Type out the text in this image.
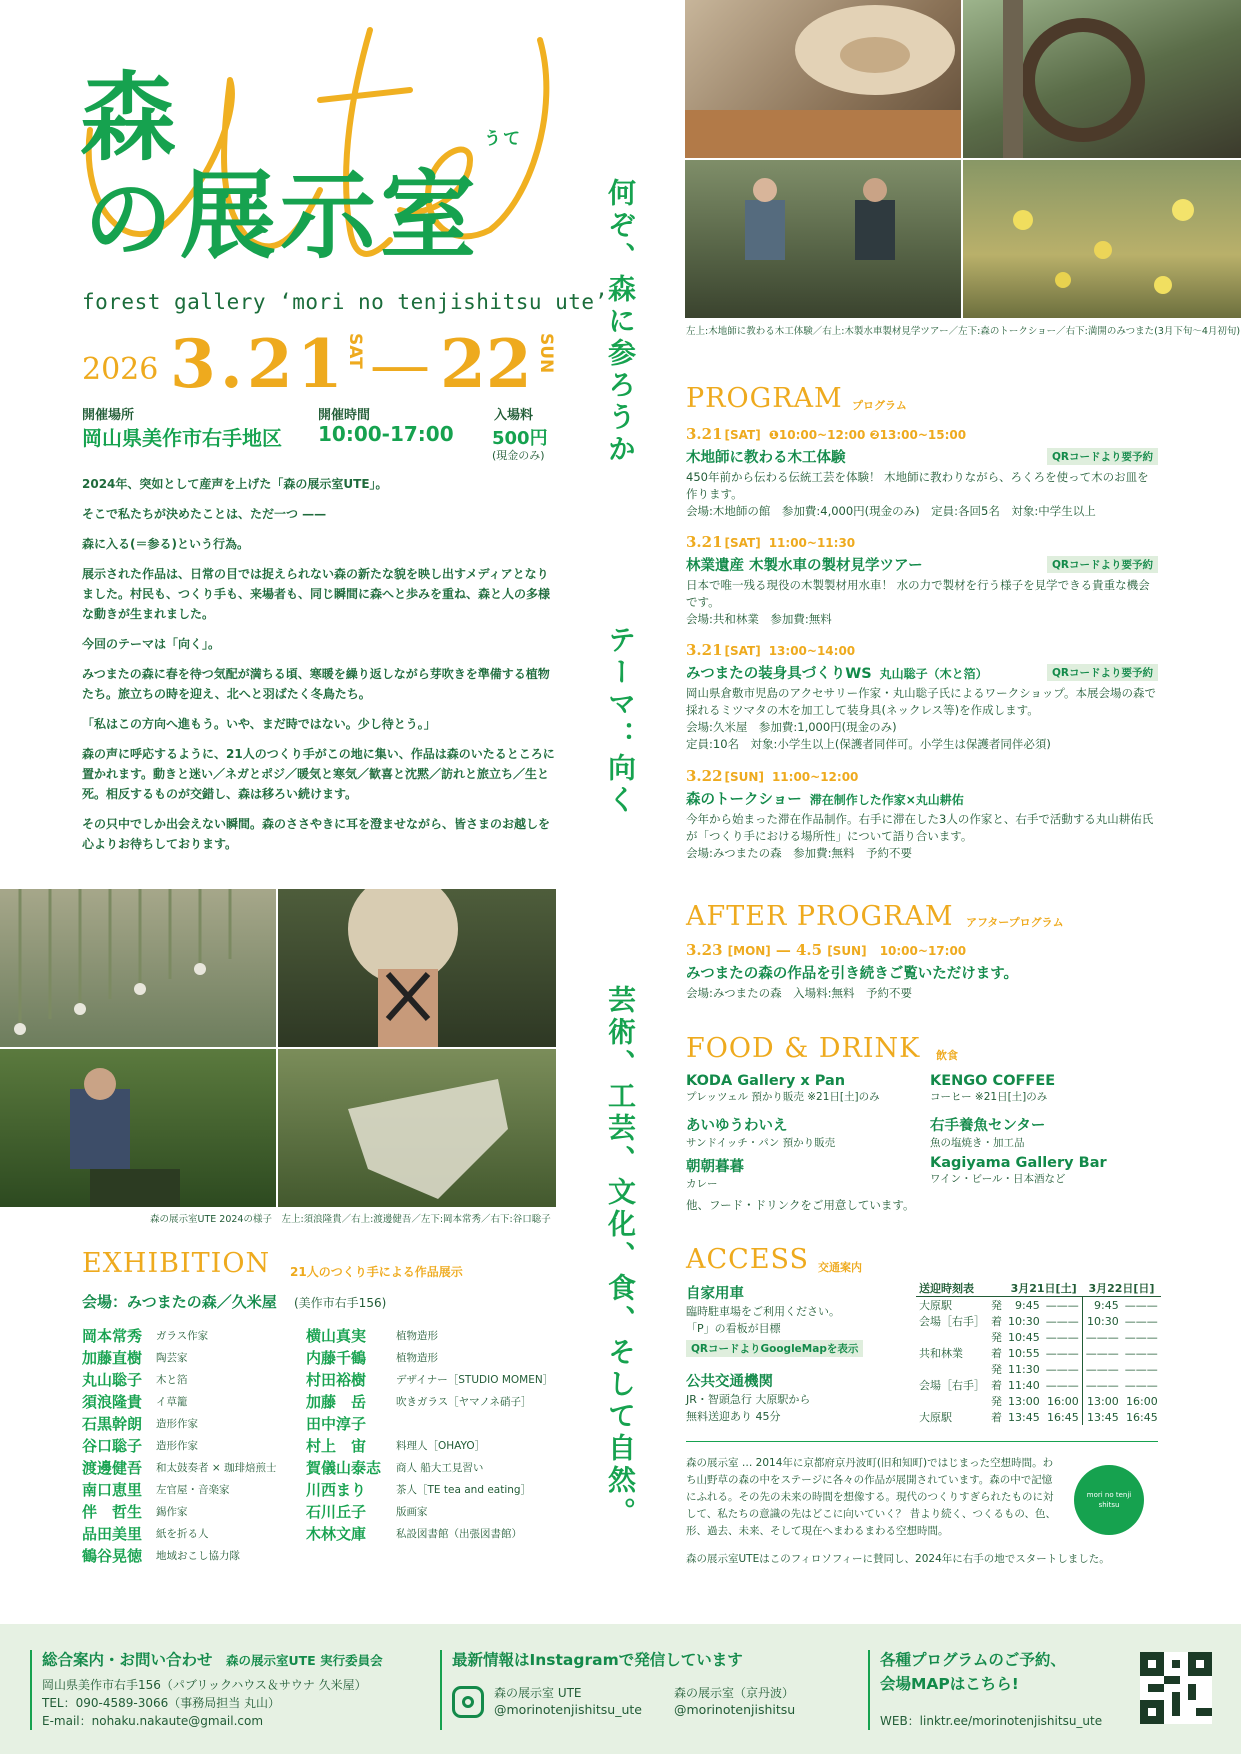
森
の 展示室
うて
forest gallery ‘mori no tenjishitsu ute’
2026 3.21
SAT — 22 SUN
開催場所
岡山県美作市右手地区
開催時間
10:00-17:00
入場料
500円
(現金のみ)

2024年、突如として産声を上げた「森の展示室UTE」。

そこで私たちが決めたことは、ただ一つ ——

森に入る(＝参る)という行為。

展示された作品は、日常の目では捉えられない森の新たな貌を映し出すメディアとなりました。村民も、つくり手も、来場者も、同じ瞬間に森へと歩みを重ね、森と人の多様な動きが生まれました。

今回のテーマは「向く」。

みつまたの森に春を待つ気配が満ちる頃、寒暖を繰り返しながら芽吹きを準備する植物たち。旅立ちの時を迎え、北へと羽ばたく冬鳥たち。

「私はこの方向へ進もう。いや、まだ時ではない。少し待とう。」

森の声に呼応するように、21人のつくり手がこの地に集い、作品は森のいたるところに置かれます。動きと迷い／ネガとポジ／暖気と寒気／歓喜と沈黙／訪れと旅立ち／生と死。相反するものが交錯し、森は移ろい続けます。

その只中でしか出会えない瞬間。森のささやきに耳を澄ませながら、皆さまのお越しを心よりお待ちしております。

何ぞ、森に参ろうか
テーマ：向く
芸術、工芸、文化、食、そして自然。
左上:木地師に教わる木工体験／右上:木製水車製材見学ツアー／左下:森のトークショー／右下:満開のみつまた(3月下旬〜4月初旬)
森の展示室UTE 2024の様子　左上:須浪隆貴／右上:渡邊健吾／左下:岡本常秀／右下:谷口聡子
EXHIBITION 21人のつくり手による作品展示
会場：みつまたの森／久米屋 (美作市右手156)
岡本常秀 ガラス作家
加藤直樹 陶芸家
丸山聡子 木と箔
須浪隆貴 イ草籠
石黒幹朗 造形作家
谷口聡子 造形作家
渡邊健吾 和太鼓奏者 × 珈琲焙煎士
南口恵里 左官屋・音楽家
伴　哲生 錫作家
品田美里 紙を折る人
鶴谷晃徳 地域おこし協力隊
横山真実	植物造形
内藤千鶴	植物造形
村田裕樹	デザイナー［STUDIO MOMEN］
加藤　岳	吹きガラス［ヤマノネ硝子］
田中淳子
村上　宙	料理人［OHAYO］
賀儀山泰志 商人 船大工見習い
川西まり	茶人［TE tea and eating］
石川丘子	版画家
木林文庫	私設図書館（出張図書館）
PROGRAM プログラム
3.21 [SAT] ❶10:00~12:00 ❷13:00~15:00
木地師に教わる木工体験	QRコードより要予約
450年前から伝わる伝統工芸を体験！ 木地師に教わりながら、ろくろを使って木のお皿を作ります。
会場:木地師の館　参加費:4,000円(現金のみ)　定員:各回5名　対象:中学生以上
3.21 [SAT] 11:00~11:30
林業遺産 木製水車の製材見学ツアー	QRコードより要予約
日本で唯一残る現役の木製製材用水車！ 水の力で製材を行う様子を見学できる貴重な機会です。
会場:共和林業　参加費:無料
3.21 [SAT] 13:00~14:00
みつまたの装身具づくりWS 丸山聡子（木と箔）	QRコードより要予約
岡山県倉敷市児島のアクセサリー作家・丸山聡子氏によるワークショップ。本展会場の森で採れるミツマタの木を加工して装身具(ネックレス等)を作成します。
会場:久米屋　参加費:1,000円(現金のみ)
定員:10名　対象:小学生以上(保護者同伴可。小学生は保護者同伴必須)
3.22 [SUN] 11:00~12:00
森のトークショー 滞在制作した作家×丸山耕佑
今年から始まった滞在作品制作。右手に滞在した3人の作家と、右手で活動する丸山耕佑氏が「つくり手における場所性」について語り合います。
会場:みつまたの森　参加費:無料　予約不要
AFTER PROGRAM アフタープログラム
3.23 [MON] — 4.5 [SUN] 10:00~17:00
みつまたの森の作品を引き続きご覧いただけます。
会場:みつまたの森　入場料:無料　予約不要
FOOD & DRINK 飲食
KODA Gallery x Pan
プレッツェル 預かり販売 ※21日[土]のみ
KENGO COFFEE
コーヒー ※21日[土]のみ
あいゆうわいえ
サンドイッチ・パン 預かり販売
右手養魚センター
魚の塩焼き・加工品
朝朝暮暮
カレー
Kagiyama Gallery Bar
ワイン・ビール・日本酒など
他、フード・ドリンクをご用意しています。
ACCESS 交通案内
自家用車
臨時駐車場をご利用ください。
「P」の看板が目標
QRコードよりGoogleMapを表示
公共交通機関
JR・智頭急行 大原駅から
無料送迎あり 45分
送迎時刻表		3月21日[土]		3月22日[日]	
大原駅	発	9:45	———	9:45	———
会場［右手］	着	10:30	———	10:30	———
	発	10:45	———	———	———
共和林業	着	10:55	———	———	———
	発	11:30	———	———	———
会場［右手］	着	11:40	———	———	———
	発	13:00	16:00	13:00	16:00
大原駅	着	13:45	16:45	13:45	16:45
森の展示室 … 2014年に京都府京丹波町(旧和知町)ではじまった空想時間。わち山野草の森の中をステージに各々の作品が展開されています。森の中で記憶にふれる。その先の未来の時間を想像する。現代のつくりすぎられたものに対して、私たちの意識の先はどこに向いていく？ 昔より続く、つくるもの、色、形、過去、未来、そして現在へまわるまわる空想時間。
森の展示室UTEはこのフィロソフィーに賛同し、2024年に右手の地でスタートしました。
mori no tenji shitsu
総合案内・お問い合わせ 森の展示室UTE 実行委員会
岡山県美作市右手156（パブリックハウス＆サウナ 久米屋）
TEL：090-4589-3066（事務局担当 丸山）
E-mail：nohaku.nakaute@gmail.com
最新情報はInstagramで発信しています
森の展示室 UTE
@morinotenjishitsu_ute
森の展示室（京丹波）
@morinotenjishitsu
各種プログラムのご予約、
会場MAPはこちら!
WEB：linktr.ee/morinotenjishitsu_ute
